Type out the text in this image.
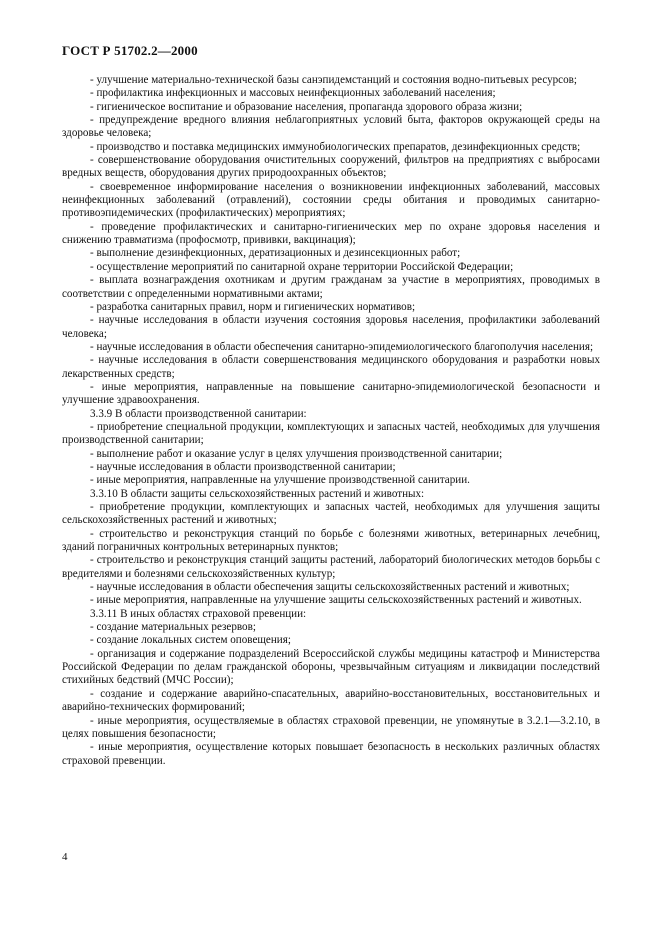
ГОСТ Р 51702.2—2000

- улучшение материально-технической базы санэпидемстанций и состояния водно-питьевых ресурсов;

- профилактика инфекционных и массовых неинфекционных заболеваний населения;

- гигиеническое воспитание и образование населения, пропаганда здорового образа жизни;

- предупреждение вредного влияния неблагоприятных условий быта, факторов окружающей среды на здоровье человека;

- производство и поставка медицинских иммунобиологических препаратов, дезинфекционных средств;

- совершенствование оборудования очистительных сооружений, фильтров на предприятиях с выбросами вредных веществ, оборудования других природоохранных объектов;

- своевременное информирование населения о возникновении инфекционных заболеваний, массовых неинфекционных заболеваний (отравлений), состоянии среды обитания и проводимых санитарно-противоэпидемических (профилактических) мероприятиях;

- проведение профилактических и санитарно-гигиенических мер по охране здоровья населения и снижению травматизма (профосмотр, прививки, вакцинация);

- выполнение дезинфекционных, дератизационных и дезинсекционных работ;

- осуществление мероприятий по санитарной охране территории Российской Федерации;

- выплата вознаграждения охотникам и другим гражданам за участие в мероприятиях, проводимых в соответствии с определенными нормативными актами;

- разработка санитарных правил, норм и гигиенических нормативов;

- научные исследования в области изучения состояния здоровья населения, профилактики заболеваний человека;

- научные исследования в области обеспечения санитарно-эпидемиологического благополучия населения;

- научные исследования в области совершенствования медицинского оборудования и разработки новых лекарственных средств;

- иные мероприятия, направленные на повышение санитарно-эпидемиологической безопасности и улучшение здравоохранения.

3.3.9 В области производственной санитарии:

- приобретение специальной продукции, комплектующих и запасных частей, необходимых для улучшения производственной санитарии;

- выполнение работ и оказание услуг в целях улучшения производственной санитарии;

- научные исследования в области производственной санитарии;

- иные мероприятия, направленные на улучшение производственной санитарии.

3.3.10 В области защиты сельскохозяйственных растений и животных:

- приобретение продукции, комплектующих и запасных частей, необходимых для улучшения защиты сельскохозяйственных растений и животных;

- строительство и реконструкция станций по борьбе с болезнями животных, ветеринарных лечебниц, зданий пограничных контрольных ветеринарных пунктов;

- строительство и реконструкция станций защиты растений, лабораторий биологических методов борьбы с вредителями и болезнями сельскохозяйственных культур;

- научные исследования в области обеспечения защиты сельскохозяйственных растений и животных;

- иные мероприятия, направленные на улучшение защиты сельскохозяйственных растений и животных.

3.3.11 В иных областях страховой превенции:

- создание материальных резервов;

- создание локальных систем оповещения;

- организация и содержание подразделений Всероссийской службы медицины катастроф и Министерства Российской Федерации по делам гражданской обороны, чрезвычайным ситуациям и ликвидации последствий стихийных бедствий (МЧС России);

- создание и содержание аварийно-спасательных, аварийно-восстановительных, восстановительных и аварийно-технических формирований;

- иные мероприятия, осуществляемые в областях страховой превенции, не упомянутые в 3.2.1—3.2.10, в целях повышения безопасности;

- иные мероприятия, осуществление которых повышает безопасность в нескольких различных областях страховой превенции.

4
